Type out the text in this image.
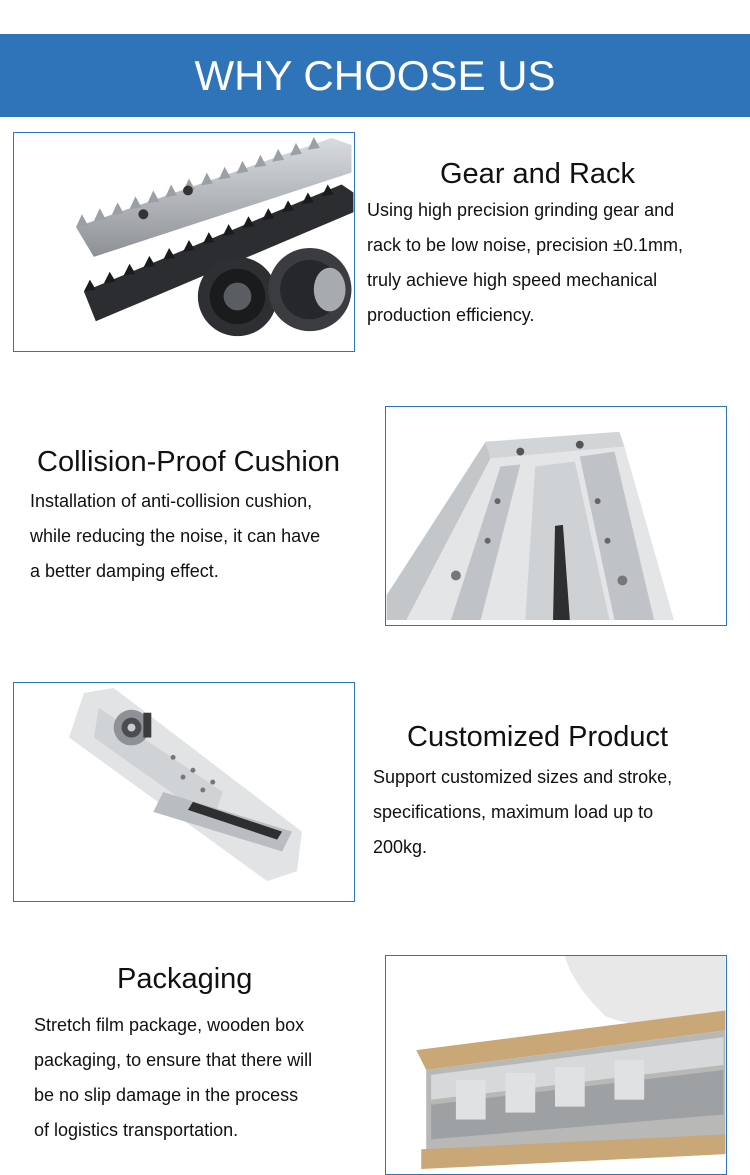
WHY CHOOSE US
Gear and Rack

Using high precision grinding gear and

rack to be low noise, precision ±0.1mm,

truly achieve high speed mechanical

production efficiency.

Collision-Proof Cushion

Installation of anti-collision cushion,

while reducing the noise, it can have

a better damping effect.

Customized Product

Support customized sizes and stroke,

specifications, maximum load up to

200kg.

Packaging

Stretch film package, wooden box

packaging, to ensure that there will

be no slip damage in the process

of logistics transportation.
